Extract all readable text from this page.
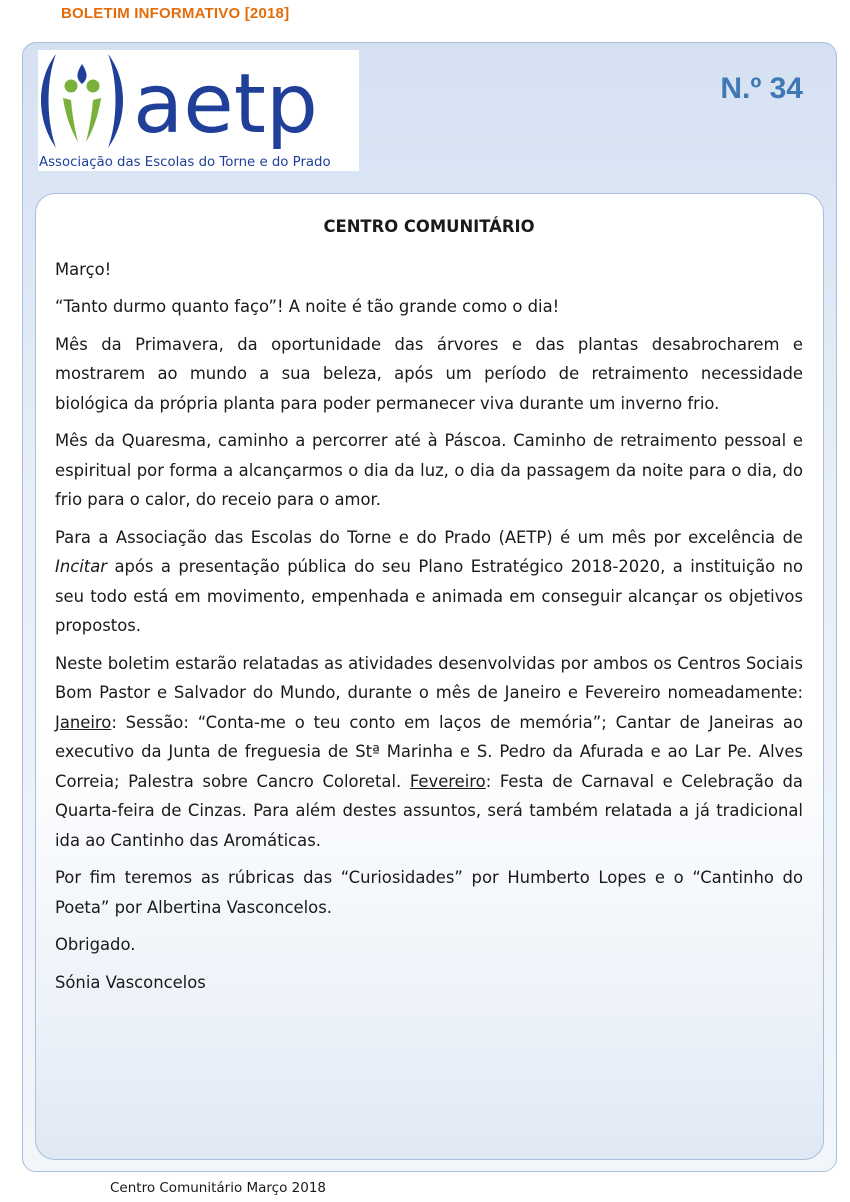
BOLETIM INFORMATIVO [2018]
aetp
Associação das Escolas do Torne e do Prado
N.º 34
CENTRO COMUNITÁRIO

Março!

“Tanto durmo quanto faço”! A noite é tão grande como o dia!

Mês da Primavera, da oportunidade das árvores e das plantas desabrocharem e mostrarem ao mundo a sua beleza, após um período de retraimento necessidade biológica da própria planta para poder permanecer viva durante um inverno frio.

Mês da Quaresma, caminho a percorrer até à Páscoa. Caminho de retraimento pessoal e espiritual por forma a alcançarmos o dia da luz, o dia da passagem da noite para o dia, do frio para o calor, do receio para o amor.

Para a Associação das Escolas do Torne e do Prado (AETP) é um mês por excelência de Incitar após a presentação pública do seu Plano Estratégico 2018-2020, a instituição no seu todo está em movimento, empenhada e animada em conseguir alcançar os objetivos propostos.

Neste boletim estarão relatadas as atividades desenvolvidas por ambos os Centros Sociais Bom Pastor e Salvador do Mundo, durante o mês de Janeiro e Fevereiro nomeadamente: Janeiro: Sessão: “Conta-me o teu conto em laços de memória”; Cantar de Janeiras ao executivo da Junta de freguesia de Stª Marinha e S. Pedro da Afurada e ao Lar Pe. Alves Correia; Palestra sobre Cancro Coloretal. Fevereiro: Festa de Carnaval e Celebração da Quarta-feira de Cinzas. Para além destes assuntos, será também relatada a já tradicional ida ao Cantinho das Aromáticas.

Por fim teremos as rúbricas das “Curiosidades” por Humberto Lopes e o “Cantinho do Poeta” por Albertina Vasconcelos.

Obrigado.

Sónia Vasconcelos

Centro Comunitário Março 2018
